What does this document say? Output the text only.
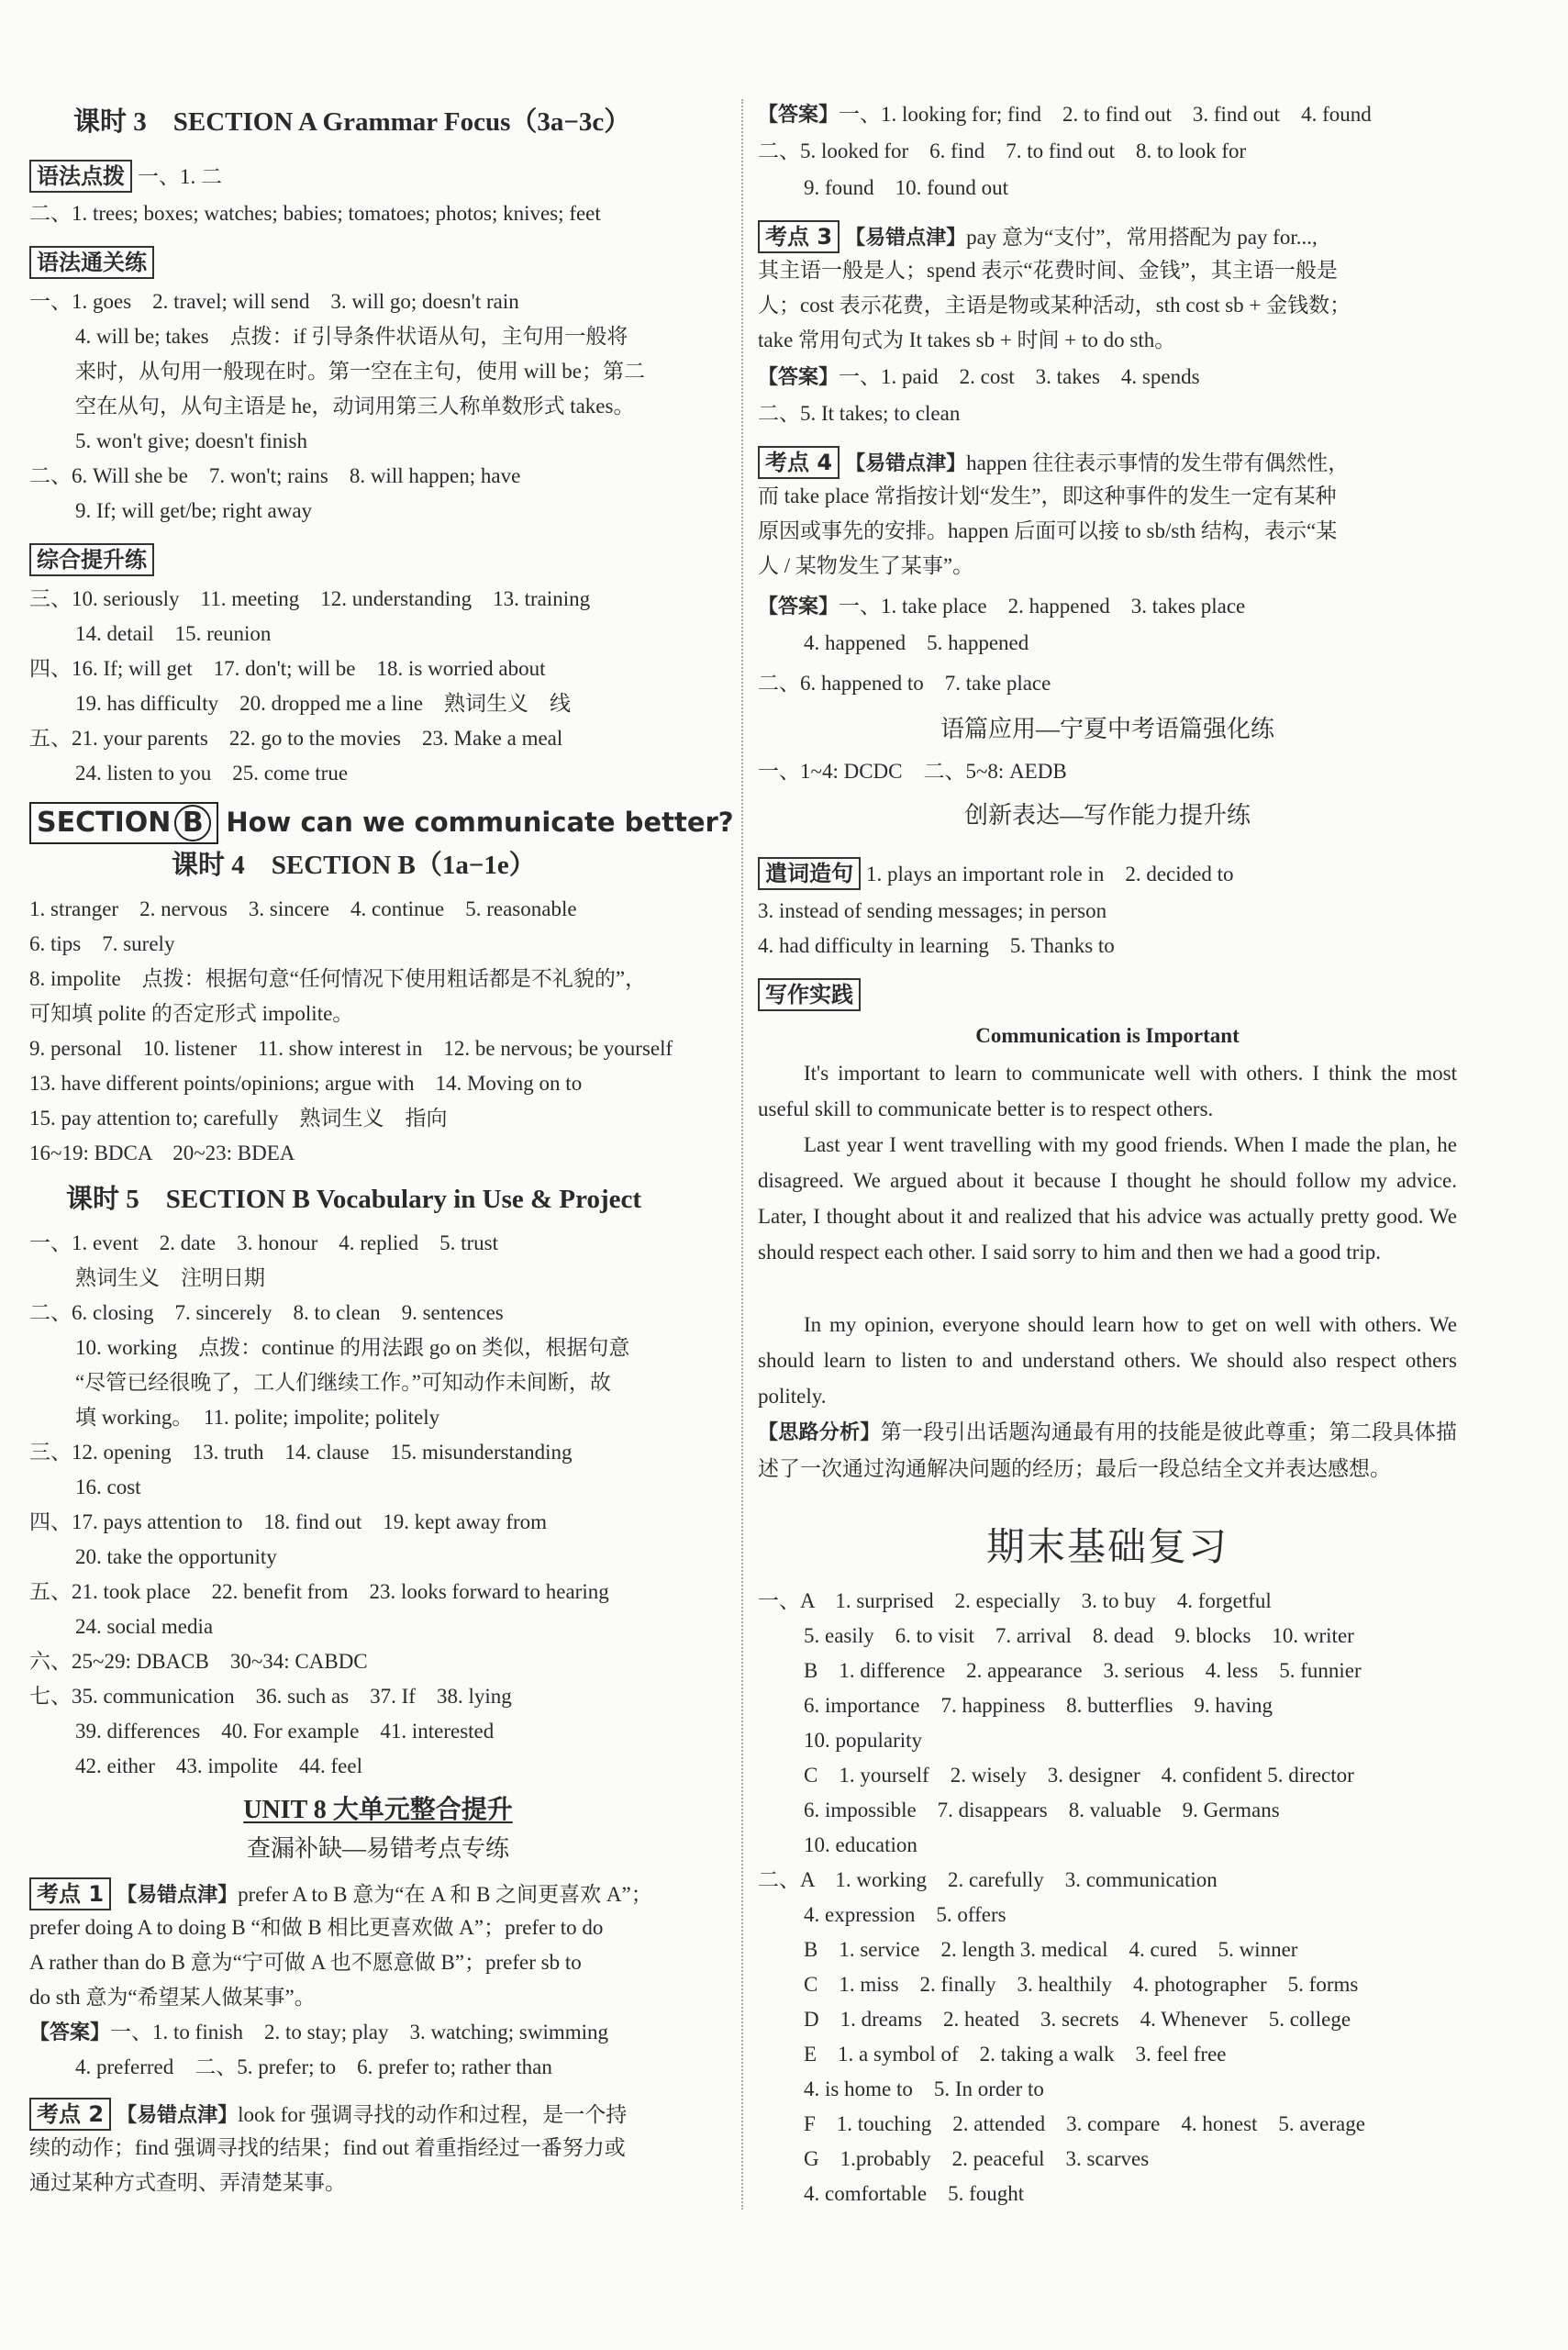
课时 3　SECTION A Grammar Focus（3a−3c）
语法点拨 一、1. 二
二、1. trees; boxes; watches; babies; tomatoes; photos; knives; feet
语法通关练
一、1. goes　2. travel; will send　3. will go; doesn't rain
4. will be; takes　点拨：if 引导条件状语从句，主句用一般将
来时，从句用一般现在时。第一空在主句，使用 will be；第二
空在从句，从句主语是 he，动词用第三人称单数形式 takes。
5. won't give; doesn't finish
二、6. Will she be　7. won't; rains　8. will happen; have
9. If; will get/be; right away
综合提升练
三、10. seriously　11. meeting　12. understanding　13. training
14. detail　15. reunion
四、16. If; will get　17. don't; will be　18. is worried about
19. has difficulty　20. dropped me a line　熟词生义　线
五、21. your parents　22. go to the movies　23. Make a meal
24. listen to you　25. come true
SECTION B How can we communicate better?
课时 4　SECTION B（1a−1e）
1. stranger　2. nervous　3. sincere　4. continue　5. reasonable
6. tips　7. surely
8. impolite　点拨：根据句意“任何情况下使用粗话都是不礼貌的”，
可知填 polite 的否定形式 impolite。
9. personal　10. listener　11. show interest in　12. be nervous; be yourself
13. have different points/opinions; argue with　14. Moving on to
15. pay attention to; carefully　熟词生义　指向
16~19: BDCA　20~23: BDEA
课时 5　SECTION B Vocabulary in Use & Project
一、1. event　2. date　3. honour　4. replied　5. trust
熟词生义　注明日期
二、6. closing　7. sincerely　8. to clean　9. sentences
10. working　点拨：continue 的用法跟 go on 类似，根据句意
“尽管已经很晚了，工人们继续工作。”可知动作未间断，故
填 working。　11. polite; impolite; politely
三、12. opening　13. truth　14. clause　15. misunderstanding
16. cost
四、17. pays attention to　18. find out　19. kept away from
20. take the opportunity
五、21. took place　22. benefit from　23. looks forward to hearing
24. social media
六、25~29: DBACB　30~34: CABDC
七、35. communication　36. such as　37. If　38. lying
39. differences　40. For example　41. interested
42. either　43. impolite　44. feel
UNIT 8 大单元整合提升
查漏补缺—易错考点专练
考点 1 【易错点津】prefer A to B 意为“在 A 和 B 之间更喜欢 A”；
prefer doing A to doing B “和做 B 相比更喜欢做 A”；prefer to do
A rather than do B 意为“宁可做 A 也不愿意做 B”；prefer sb to
do sth 意为“希望某人做某事”。
【答案】一、1. to finish　2. to stay; play　3. watching; swimming
4. preferred　二、5. prefer; to　6. prefer to; rather than
考点 2 【易错点津】look for 强调寻找的动作和过程，是一个持
续的动作；find 强调寻找的结果；find out 着重指经过一番努力或
通过某种方式查明、弄清楚某事。
【答案】一、1. looking for; find　2. to find out　3. find out　4. found
二、5. looked for　6. find　7. to find out　8. to look for
9. found　10. found out
考点 3 【易错点津】pay 意为“支付”，常用搭配为 pay for...,
其主语一般是人；spend 表示“花费时间、金钱”，其主语一般是
人；cost 表示花费，主语是物或某种活动，sth cost sb + 金钱数；
take 常用句式为 It takes sb + 时间 + to do sth。
【答案】一、1. paid　2. cost　3. takes　4. spends
二、5. It takes; to clean
考点 4 【易错点津】happen 往往表示事情的发生带有偶然性，
而 take place 常指按计划“发生”，即这种事件的发生一定有某种
原因或事先的安排。happen 后面可以接 to sb/sth 结构，表示“某
人 / 某物发生了某事”。
【答案】一、1. take place　2. happened　3. takes place
4. happened　5. happened
二、6. happened to　7. take place
语篇应用—宁夏中考语篇强化练
一、1~4: DCDC　二、5~8: AEDB
创新表达—写作能力提升练
遣词造句 1. plays an important role in　2. decided to
3. instead of sending messages; in person
4. had difficulty in learning　5. Thanks to
写作实践
Communication is Important
It's important to learn to communicate well with others. I think the most useful skill to communicate better is to respect others.
Last year I went travelling with my good friends. When I made the plan, he disagreed. We argued about it because I thought he should follow my advice. Later, I thought about it and realized that his advice was actually pretty good. We should respect each other. I said sorry to him and then we had a good trip.
In my opinion, everyone should learn how to get on well with others. We should learn to listen to and understand others. We should also respect others politely.
【思路分析】第一段引出话题沟通最有用的技能是彼此尊重；第二段具体描述了一次通过沟通解决问题的经历；最后一段总结全文并表达感想。
期末基础复习
一、A　1. surprised　2. especially　3. to buy　4. forgetful
5. easily　6. to visit　7. arrival　8. dead　9. blocks　10. writer
B　1. difference　2. appearance　3. serious　4. less　5. funnier
6. importance　7. happiness　8. butterflies　9. having
10. popularity
C　1. yourself　2. wisely　3. designer　4. confident 5. director
6. impossible　7. disappears　8. valuable　9. Germans
10. education
二、A　1. working　2. carefully　3. communication
4. expression　5. offers
B　1. service　2. length 3. medical　4. cured　5. winner
C　1. miss　2. finally　3. healthily　4. photographer　5. forms
D　1. dreams　2. heated　3. secrets　4. Whenever　5. college
E　1. a symbol of　2. taking a walk　3. feel free
4. is home to　5. In order to
F　1. touching　2. attended　3. compare　4. honest　5. average
G　1.probably　2. peaceful　3. scarves
4. comfortable　5. fought
